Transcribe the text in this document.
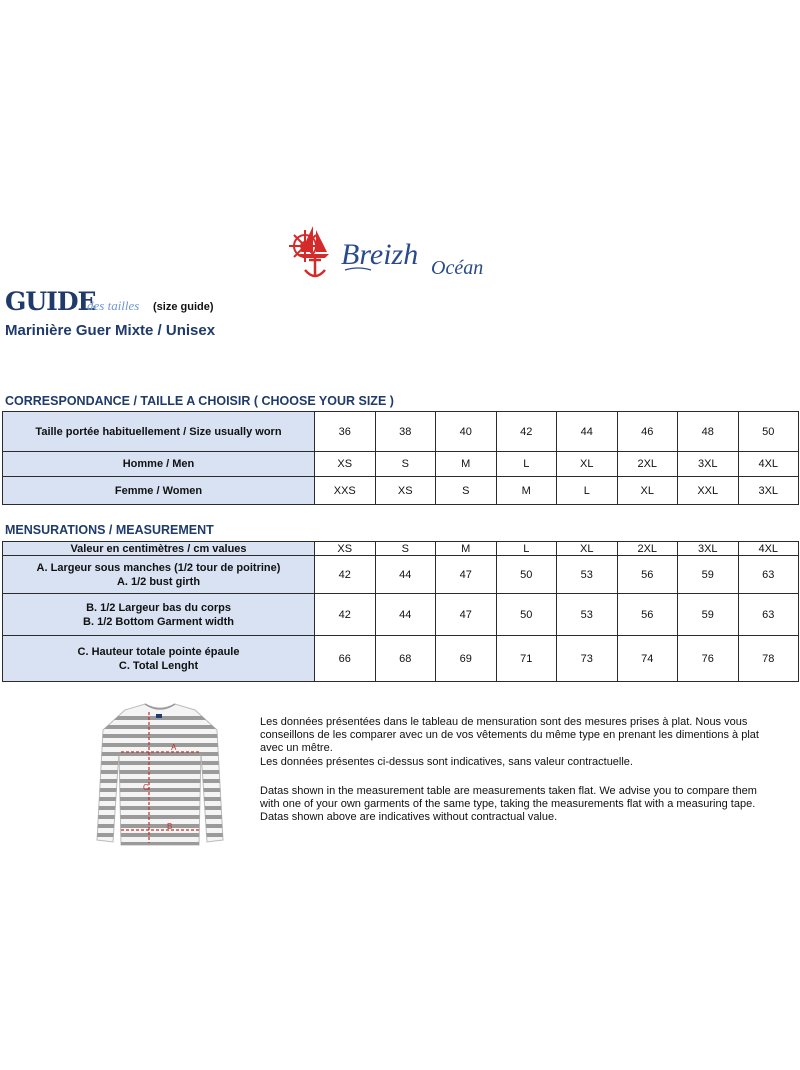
Breizh Océan
GUIDE
des tailles (size guide)
Marinière Guer Mixte / Unisex
CORRESPONDANCE / TAILLE A CHOISIR ( CHOOSE YOUR SIZE )
Taille portée habituellement / Size usually worn	36	38	40	42	44	46	48	50
Homme / Men	XS	S	M	L	XL	2XL	3XL	4XL
Femme / Women	XXS	XS	S	M	L	XL	XXL	3XL
MENSURATIONS / MEASUREMENT
Valeur en centimètres / cm values	XS	S	M	L	XL	2XL	3XL	4XL

A. Largeur sous manches (1/2 tour de poitrine)
A. 1/2 bust girth	42	44	47	50	53	56	59	63

B. 1/2 Largeur bas du corps
B. 1/2 Bottom Garment width	42	44	47	50	53	56	59	63

C. Hauteur totale pointe épaule
C. Total Lenght	66	68	69	71	73	74	76	78
A
B
C
Les données présentées dans le tableau de mensuration sont des mesures prises à plat. Nous vous conseillons de les comparer avec un de vos vêtements du même type en prenant les dimentions à plat avec un mêtre.
Les données présentes ci-dessus sont indicatives, sans valeur contractuelle.
Datas shown in the measurement table are measurements taken flat. We advise you to compare them with one of your own garments of the same type, taking the measurements flat with a measuring tape.
Datas shown above are indicatives without contractual value.
